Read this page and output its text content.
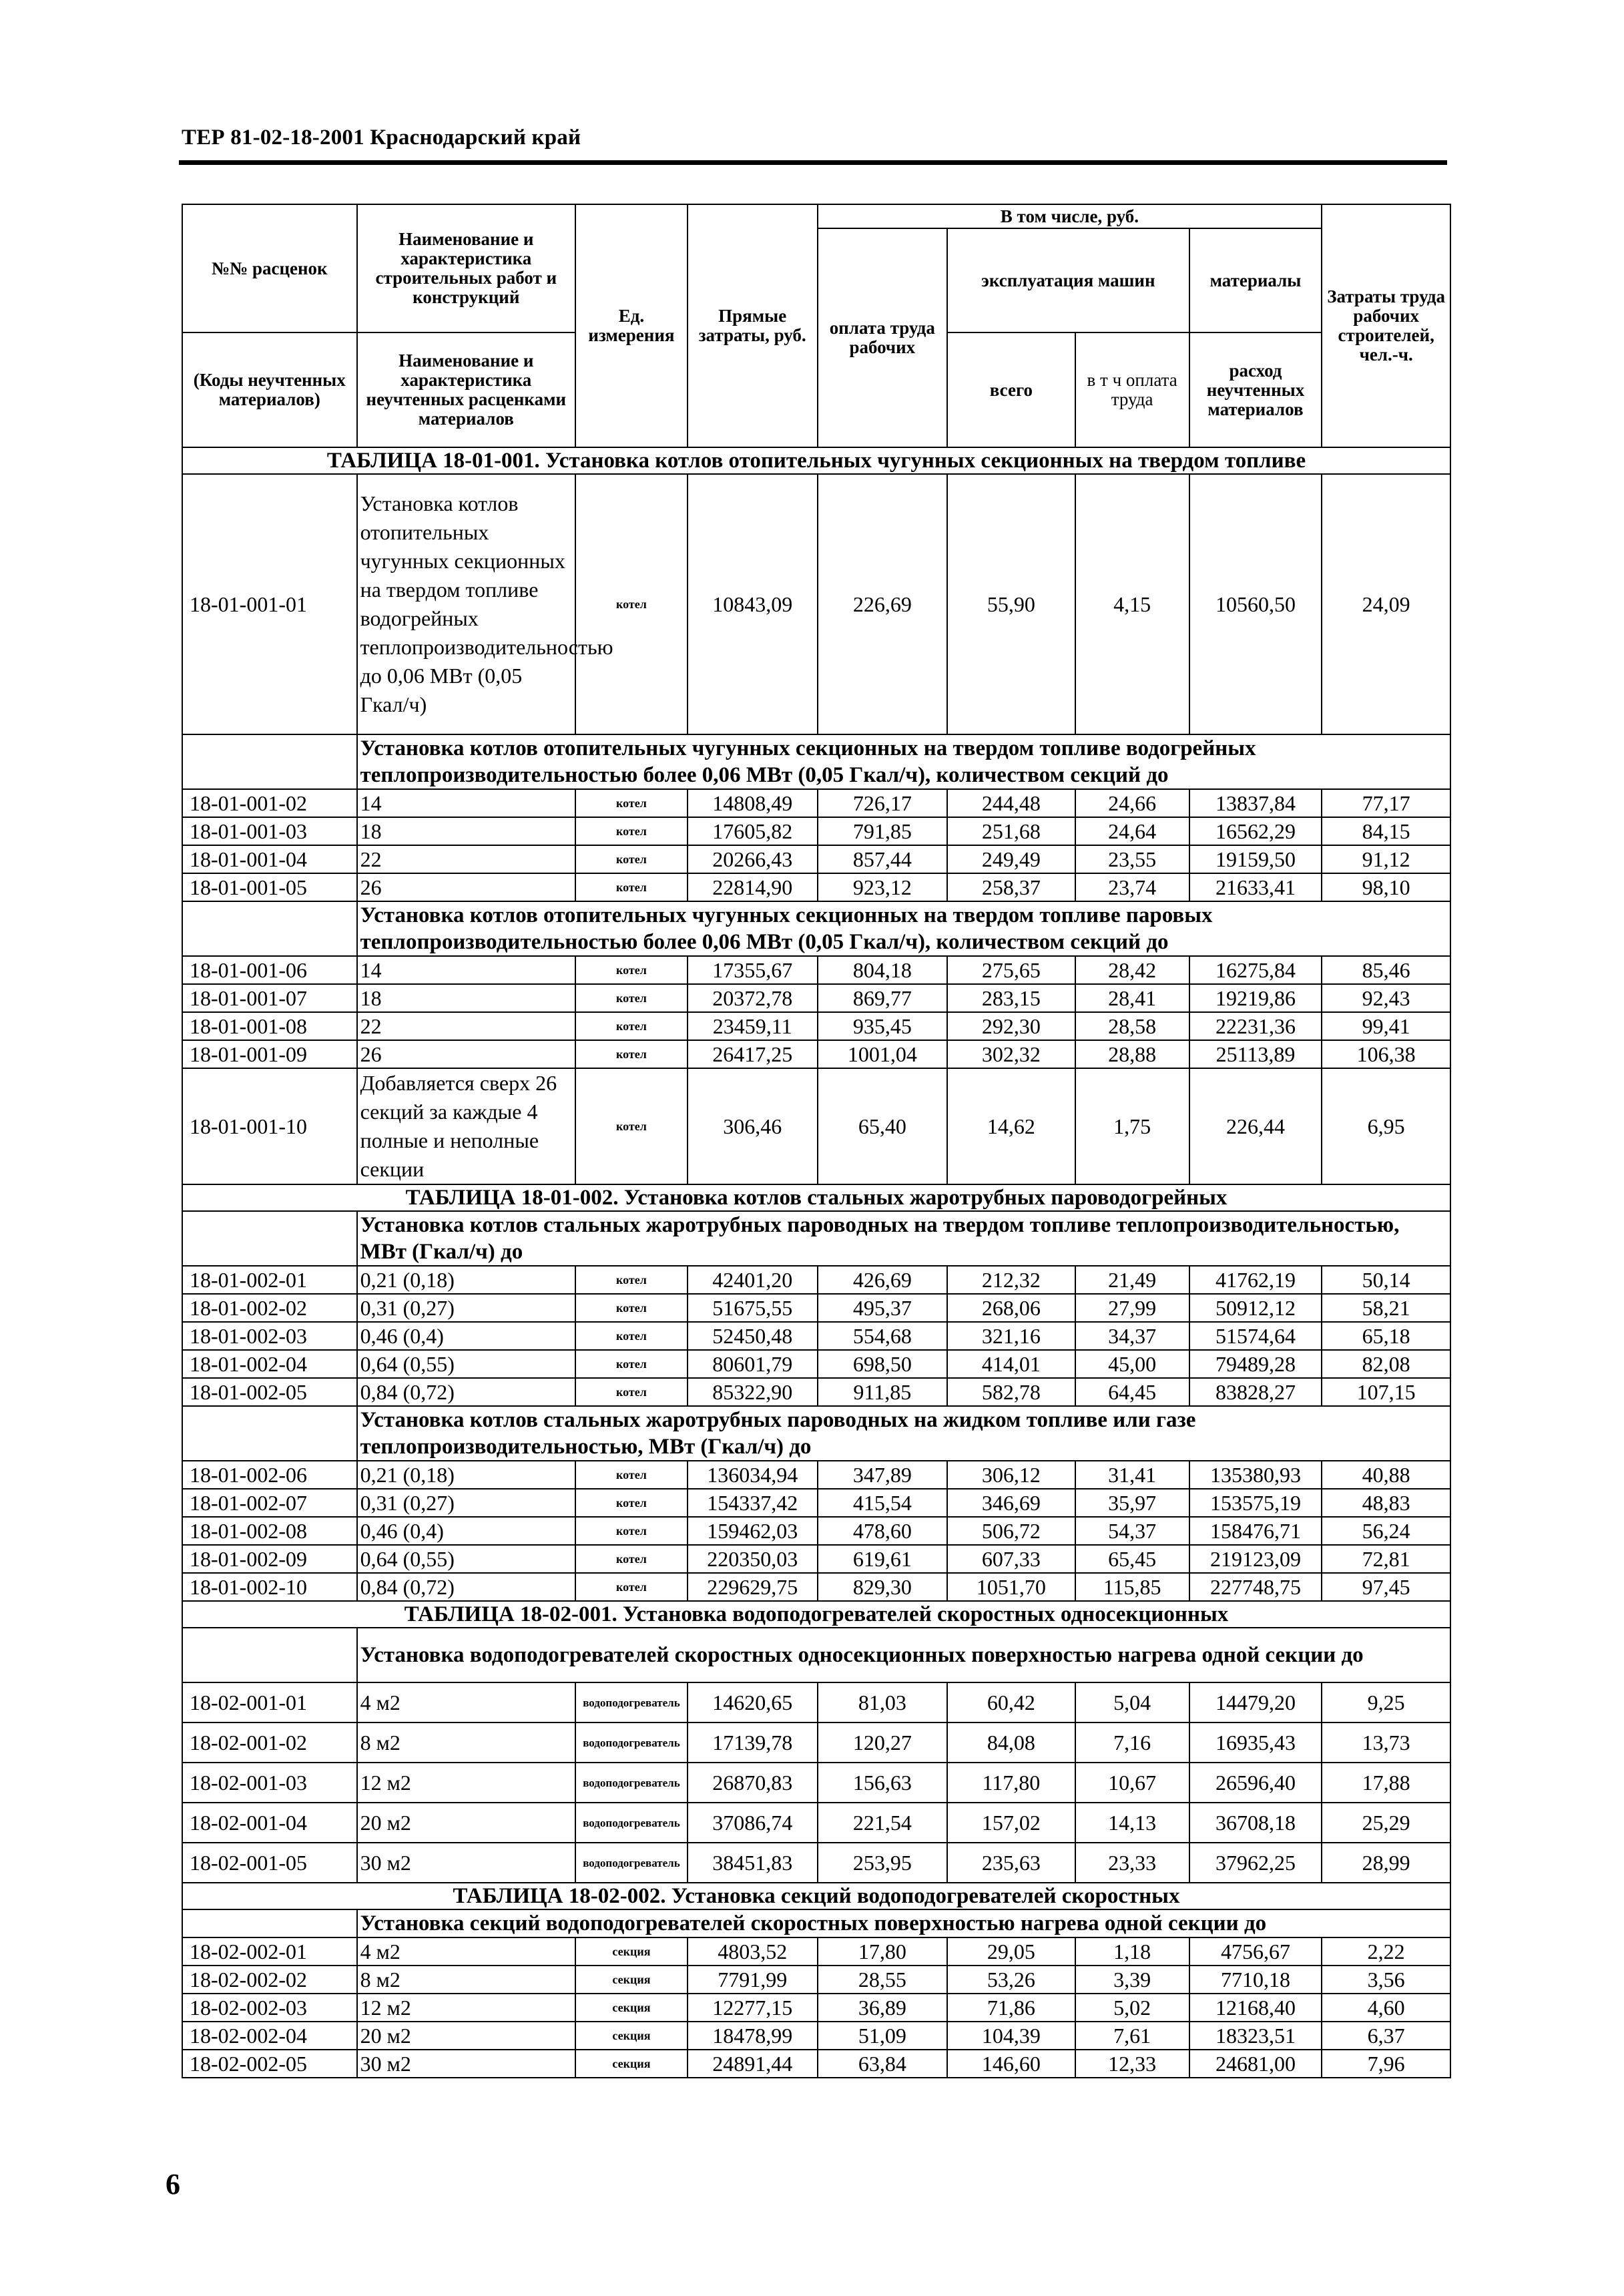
ТЕР 81-02-18-2001 Краснодарский край
№№ расценок	Наименование и характеристика строительных работ и конструкций	Ед. измерения	Прямые затраты, руб.	В том числе, руб.				Затраты труда рабочих строителей, чел.-ч.
				оплата труда рабочих	эксплуатация машин		материалы	
(Коды неучтенных материалов)	Наименование и характеристика неучтенных расценками материалов				всего	в т ч оплата труда	расход неучтенных материалов	

ТАБЛИЦА 18-01-001. Установка котлов отопительных чугунных секционных на твердом топливе								
18-01-001-01	Установка котлов отопительных чугунных секционных на твердом топливе водогрейных теплопроизводительностью до 0,06 МВт (0,05 Гкал/ч)	котел	10843,09	226,69	55,90	4,15	10560,50	24,09
	Установка котлов отопительных чугунных секционных на твердом топливе водогрейных теплопроизводительностью более 0,06 МВт (0,05 Гкал/ч), количеством секций до							
18-01-001-02	14	котел	14808,49	726,17	244,48	24,66	13837,84	77,17
18-01-001-03	18	котел	17605,82	791,85	251,68	24,64	16562,29	84,15
18-01-001-04	22	котел	20266,43	857,44	249,49	23,55	19159,50	91,12
18-01-001-05	26	котел	22814,90	923,12	258,37	23,74	21633,41	98,10
	Установка котлов отопительных чугунных секционных на твердом топливе паровых теплопроизводительностью более 0,06 МВт (0,05 Гкал/ч), количеством секций до							
18-01-001-06	14	котел	17355,67	804,18	275,65	28,42	16275,84	85,46
18-01-001-07	18	котел	20372,78	869,77	283,15	28,41	19219,86	92,43
18-01-001-08	22	котел	23459,11	935,45	292,30	28,58	22231,36	99,41
18-01-001-09	26	котел	26417,25	1001,04	302,32	28,88	25113,89	106,38
18-01-001-10	Добавляется сверх 26 секций за каждые 4 полные и неполные секции	котел	306,46	65,40	14,62	1,75	226,44	6,95
ТАБЛИЦА 18-01-002. Установка котлов стальных жаротрубных пароводогрейных								
	Установка котлов стальных жаротрубных паровoдных на твердом топливе теплопроизводительностью, МВт (Гкал/ч) до							
18-01-002-01	0,21 (0,18)	котел	42401,20	426,69	212,32	21,49	41762,19	50,14
18-01-002-02	0,31 (0,27)	котел	51675,55	495,37	268,06	27,99	50912,12	58,21
18-01-002-03	0,46 (0,4)	котел	52450,48	554,68	321,16	34,37	51574,64	65,18
18-01-002-04	0,64 (0,55)	котел	80601,79	698,50	414,01	45,00	79489,28	82,08
18-01-002-05	0,84 (0,72)	котел	85322,90	911,85	582,78	64,45	83828,27	107,15
	Установка котлов стальных жаротрубных паровoдных на жидком топливе или газе теплопроизводительностью, МВт (Гкал/ч) до							
18-01-002-06	0,21 (0,18)	котел	136034,94	347,89	306,12	31,41	135380,93	40,88
18-01-002-07	0,31 (0,27)	котел	154337,42	415,54	346,69	35,97	153575,19	48,83
18-01-002-08	0,46 (0,4)	котел	159462,03	478,60	506,72	54,37	158476,71	56,24
18-01-002-09	0,64 (0,55)	котел	220350,03	619,61	607,33	65,45	219123,09	72,81
18-01-002-10	0,84 (0,72)	котел	229629,75	829,30	1051,70	115,85	227748,75	97,45
ТАБЛИЦА 18-02-001. Установка водоподогревателей скоростных односекционных								
	Установка водоподогревателей скоростных односекционных поверхностью нагрева одной секции до							
18-02-001-01	4 м2	водоподогреватель	14620,65	81,03	60,42	5,04	14479,20	9,25
18-02-001-02	8 м2	водоподогреватель	17139,78	120,27	84,08	7,16	16935,43	13,73
18-02-001-03	12 м2	водоподогреватель	26870,83	156,63	117,80	10,67	26596,40	17,88
18-02-001-04	20 м2	водоподогреватель	37086,74	221,54	157,02	14,13	36708,18	25,29
18-02-001-05	30 м2	водоподогреватель	38451,83	253,95	235,63	23,33	37962,25	28,99
ТАБЛИЦА 18-02-002. Установка секций водоподогревателей скоростных								
	Установка секций водоподогревателей скоростных поверхностью нагрева одной секции до							
18-02-002-01	4 м2	секция	4803,52	17,80	29,05	1,18	4756,67	2,22
18-02-002-02	8 м2	секция	7791,99	28,55	53,26	3,39	7710,18	3,56
18-02-002-03	12 м2	секция	12277,15	36,89	71,86	5,02	12168,40	4,60
18-02-002-04	20 м2	секция	18478,99	51,09	104,39	7,61	18323,51	6,37
18-02-002-05	30 м2	секция	24891,44	63,84	146,60	12,33	24681,00	7,96
6
